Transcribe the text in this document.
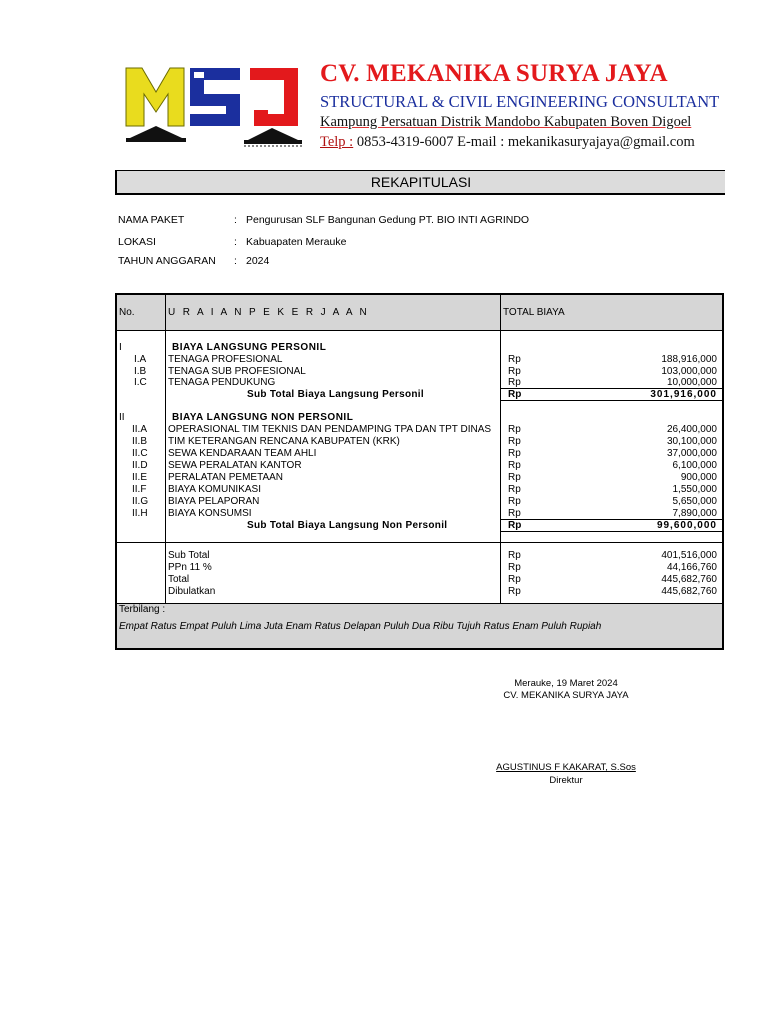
CV. MEKANIKA SURYA JAYA
STRUCTURAL & CIVIL ENGINEERING CONSULTANT
Kampung Persatuan Distrik Mandobo Kabupaten Boven Digoel
Telp : 0853-4319-6007 E-mail : mekanikasuryajaya@gmail.com
REKAPITULASI
NAMA PAKET	: Pengurusan SLF Bangunan Gedung PT. BIO INTI AGRINDO
LOKASI	: Kabuapaten Merauke
TAHUN ANGGARAN : 2024
No.	U R A I A N P E K E R J A A N	TOTAL BIAYA
I	BIAYA LANGSUNG PERSONIL
I.A TENAGA PROFESIONAL	Rp	188,916,000
I.B TENAGA SUB PROFESIONAL	Rp	103,000,000
I.C TENAGA PENDUKUNG	Rp	10,000,000
Sub Total Biaya Langsung Personil	Rp	301,916,000
II	BIAYA LANGSUNG NON PERSONIL
II.A OPERASIONAL TIM TEKNIS DAN PENDAMPING TPA DAN TPT DINAS Rp	26,400,000
II.B TIM KETERANGAN RENCANA KABUPATEN (KRK)	Rp	30,100,000
II.C SEWA KENDARAAN TEAM AHLI	Rp	37,000,000
II.D SEWA PERALATAN KANTOR	Rp	6,100,000
II.E PERALATAN PEMETAAN	Rp	900,000
II.F BIAYA KOMUNIKASI	Rp	1,550,000
II.G BIAYA PELAPORAN	Rp	5,650,000
II.H BIAYA KONSUMSI	Rp	7,890,000
Sub Total Biaya Langsung Non Personil	Rp	99,600,000
Sub Total	Rp	401,516,000
PPn 11 %	Rp	44,166,760
Total	Rp	445,682,760
Dibulatkan	Rp	445,682,760
Terbilang :
Empat Ratus Empat Puluh Lima Juta Enam Ratus Delapan Puluh Dua Ribu Tujuh Ratus Enam Puluh Rupiah
Merauke, 19 Maret 2024
CV. MEKANIKA SURYA JAYA
AGUSTINUS F KAKARAT, S.Sos
Direktur
